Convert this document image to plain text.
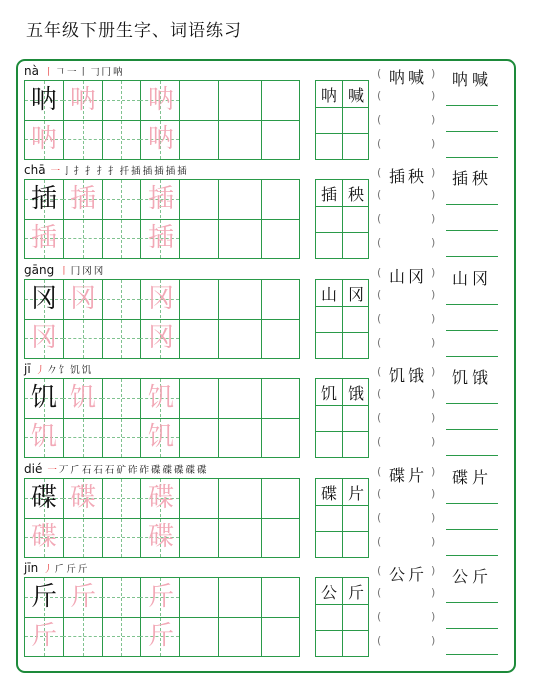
五年级下册生字、词语练习
nà 丨 𠃍 一 丨 𠃌 冂 呐
呐 呐 呐
呐	呐
呐 喊	(	)
(	)
(	)
(	)
呐 喊 呐 喊
chā 一 亅 扌 扌 扌 扌 扦 插 插 插 插 插
插 插 插
插	插
插 秧	(	)
(	)
(	)
(	)
插 秧 插 秧
gāng 丨 冂 冈 冈
冈 冈 冈
冈	冈
山 冈	(	)
(	)
(	)
(	)
山 冈 山 冈
jī 丿 𠂊 饣 饥 饥
饥 饥 饥
饥	饥
饥 饿	(	)
(	)
(	)
(	)
饥 饿 饥 饿
dié 一 丆 𠂆 石 石 石 矿 砟 砟 碟 碟 碟 碟 碟
碟 碟 碟
碟	碟
碟 片	(	)
(	)
(	)
(	)
碟 片 碟 片
jīn 丿 𠂆 斤 斤
斤 斤 斤
斤	斤
公 斤	(	)
(	)
(	)
(	)
公 斤 公 斤
